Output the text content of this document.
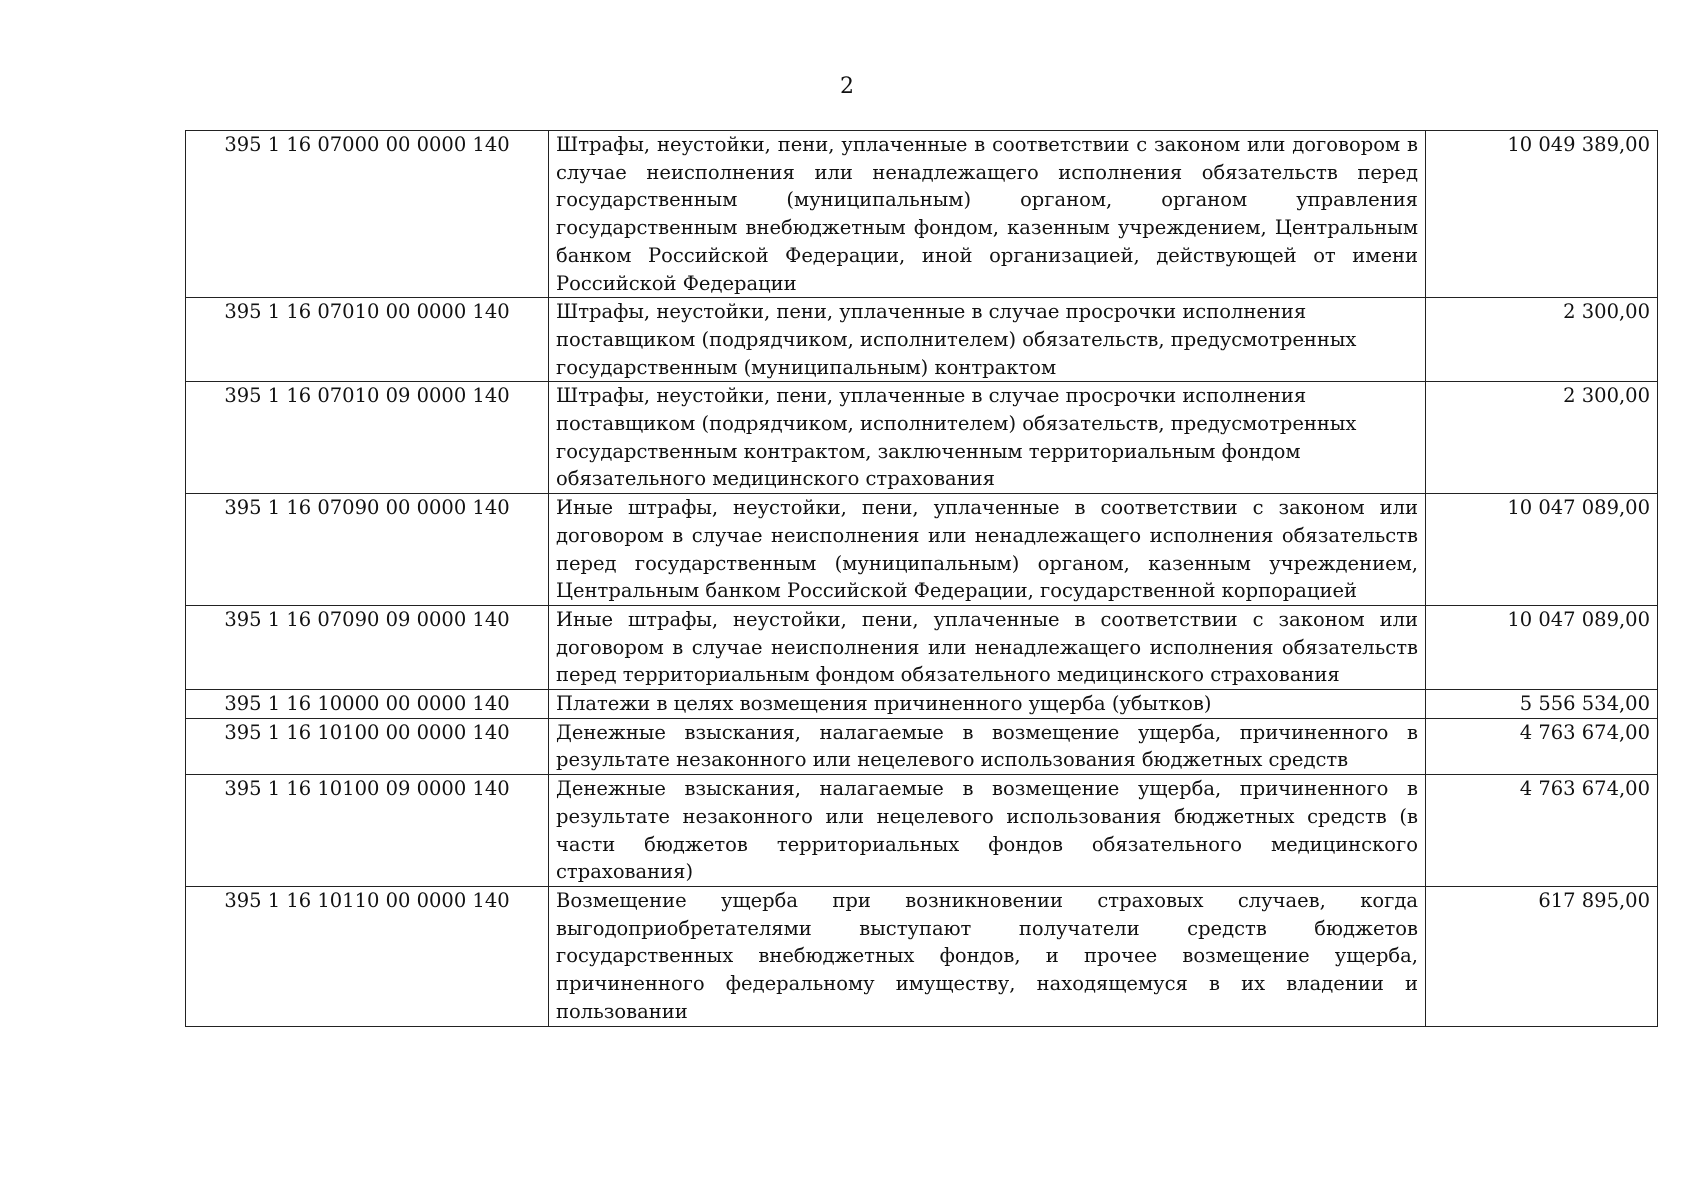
2
395 1 16 07000 00 0000 140	Штрафы, неустойки, пени, уплаченные в соответствии с законом или договором в случае неисполнения или ненадлежащего исполнения обязательств перед государственным (муниципальным) органом, органом управления государственным внебюджетным фондом, казенным учреждением, Центральным банком Российской Федерации, иной организацией, действующей от имени Российской Федерации	10 049 389,00
395 1 16 07010 00 0000 140	Штрафы, неустойки, пени, уплаченные в случае просрочки исполнения поставщиком (подрядчиком, исполнителем) обязательств, предусмотренных государственным (муниципальным) контрактом	2 300,00
395 1 16 07010 09 0000 140	Штрафы, неустойки, пени, уплаченные в случае просрочки исполнения поставщиком (подрядчиком, исполнителем) обязательств, предусмотренных государственным контрактом, заключенным территориальным фондом обязательного медицинского страхования	2 300,00
395 1 16 07090 00 0000 140	Иные штрафы, неустойки, пени, уплаченные в соответствии с законом или договором в случае неисполнения или ненадлежащего исполнения обязательств перед государственным (муниципальным) органом, казенным учреждением, Центральным банком Российской Федерации, государственной корпорацией	10 047 089,00
395 1 16 07090 09 0000 140	Иные штрафы, неустойки, пени, уплаченные в соответствии с законом или договором в случае неисполнения или ненадлежащего исполнения обязательств перед территориальным фондом обязательного медицинского страхования	10 047 089,00
395 1 16 10000 00 0000 140	Платежи в целях возмещения причиненного ущерба (убытков)	5 556 534,00
395 1 16 10100 00 0000 140	Денежные взыскания, налагаемые в возмещение ущерба, причиненного в результате незаконного или нецелевого использования бюджетных средств	4 763 674,00
395 1 16 10100 09 0000 140	Денежные взыскания, налагаемые в возмещение ущерба, причиненного в результате незаконного или нецелевого использования бюджетных средств (в части бюджетов территориальных фондов обязательного медицинского страхования)	4 763 674,00
395 1 16 10110 00 0000 140	Возмещение ущерба при возникновении страховых случаев, когда выгодоприобретателями выступают получатели средств бюджетов государственных внебюджетных фондов, и прочее возмещение ущерба, причиненного федеральному имуществу, находящемуся в их владении и пользовании	617 895,00
